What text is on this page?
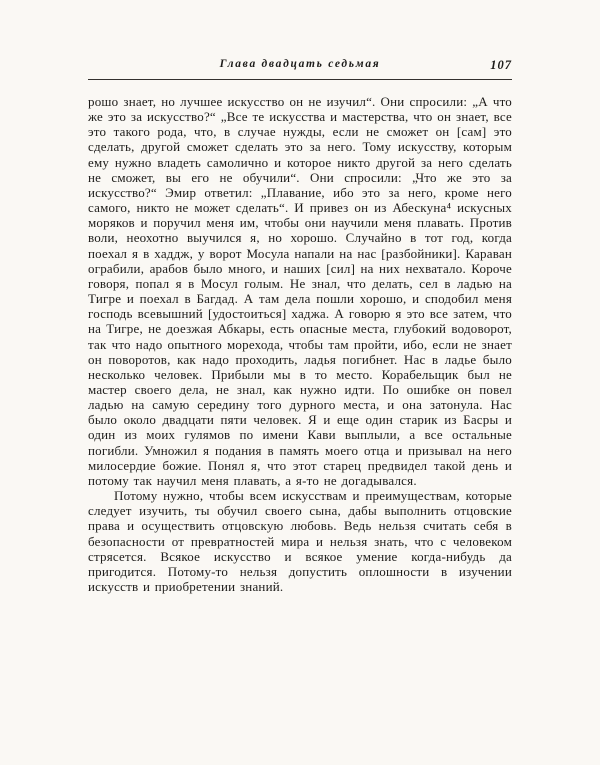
Глава двадцать седьмая	107

рошо знает, но лучшее искусство он не изучил“. Они спросили: „А что же это за искусство?“ „Все те искусства и мастерства, что он знает, все это такого рода, что, в случае нужды, если не сможет он [сам] это сделать, другой сможет сделать это за него. Тому искусству, которым ему нужно владеть самолично и которое никто другой за него сделать не сможет, вы его не обучили“. Они спросили: „Что же это за искусство?“ Эмир ответил: „Плавание, ибо это за него, кроме него самого, никто не может сделать“. И привез он из Абескуна⁴ искусных моряков и поручил меня им, чтобы они научили меня плавать. Против воли, неохотно выучился я, но хорошо. Случайно в тот год, когда поехал я в хаддж, у ворот Мосула напали на нас [разбойники]. Караван ограбили, арабов было много, и наших [сил] на них нехватало. Короче говоря, попал я в Мосул голым. Не знал, что делать, сел в ладью на Тигре и поехал в Багдад. А там дела пошли хорошо, и сподобил меня господь всевышний [удостоиться] хаджа. А говорю я это все затем, что на Тигре, не доезжая Абкары, есть опасные места, глубокий водоворот, так что надо опытного морехода, чтобы там пройти, ибо, если не знает он поворотов, как надо проходить, ладья погибнет. Нас в ладье было несколько человек. Прибыли мы в то место. Корабельщик был не мастер своего дела, не знал, как нужно идти. По ошибке он повел ладью на самую середину того дурного места, и она затонула. Нас было около двадцати пяти человек. Я и еще один старик из Басры и один из моих гулямов по имени Кави выплыли, а все остальные погибли. Умножил я подания в память моего отца и призывал на него милосердие божие. Понял я, что этот старец предвидел такой день и потому так научил меня плавать, а я-то не догадывался.

Потому нужно, чтобы всем искусствам и преимуществам, которые следует изучить, ты обучил своего сына, дабы выполнить отцовские права и осуществить отцовскую любовь. Ведь нельзя считать себя в безопасности от превратностей мира и нельзя знать, что с человеком стрясется. Всякое искусство и всякое умение когда-нибудь да пригодится. Потому-то нельзя допустить оплошности в изучении искусств и приобретении знаний.
